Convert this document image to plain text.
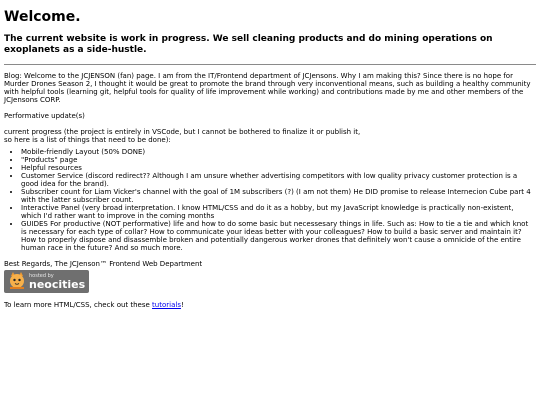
Welcome.
The current website is work in progress. We sell cleaning products and do mining operations on exoplanets as a side-hustle.

Blog: Welcome to the JCJENSON (fan) page. I am from the IT/Frontend department of JCJensons. Why I am making this? Since there is no hope for Murder Drones Season 2, I thought it would be great to promote the brand through very inconventional means, such as building a healthy community with helpful tools (learning git, helpful tools for quality of life improvement while working) and contributions made by me and other members of the JCJensons CORP.

Performative update(s)

current progress (the project is entirely in VSCode, but I cannot be bothered to finalize it or publish it,
so here is a list of things that need to be done):

• Mobile-friendly Layout (50% DONE)
• "Products" page
• Helpful resources
• Customer Service (discord redirect?? Although I am unsure whether advertising competitors with low quality privacy customer protection is a good idea for the brand).
• Subscriber count for Liam Vicker's channel with the goal of 1M subscribers (?) (I am not them) He DID promise to release Internecion Cube part 4 with the latter subscriber count.
• Interactive Panel (very broad interpretation. I know HTML/CSS and do it as a hobby, but my JavaScript knowledge is practically non-existent, which I'd rather want to improve in the coming months
• GUIDES For productive (NOT performative) life and how to do some basic but necessesary things in life. Such as: How to tie a tie and which knot is necessary for each type of collar? How to communicate your ideas better with your colleagues? How to build a basic server and maintain it? How to properly dispose and disassemble broken and potentially dangerous worker drones that definitely won't cause a omnicide of the entire human race in the future? And so much more.

Best Regards, The JCJenson™ Frontend Web Department

hosted by
neocities

To learn more HTML/CSS, check out these tutorials!
